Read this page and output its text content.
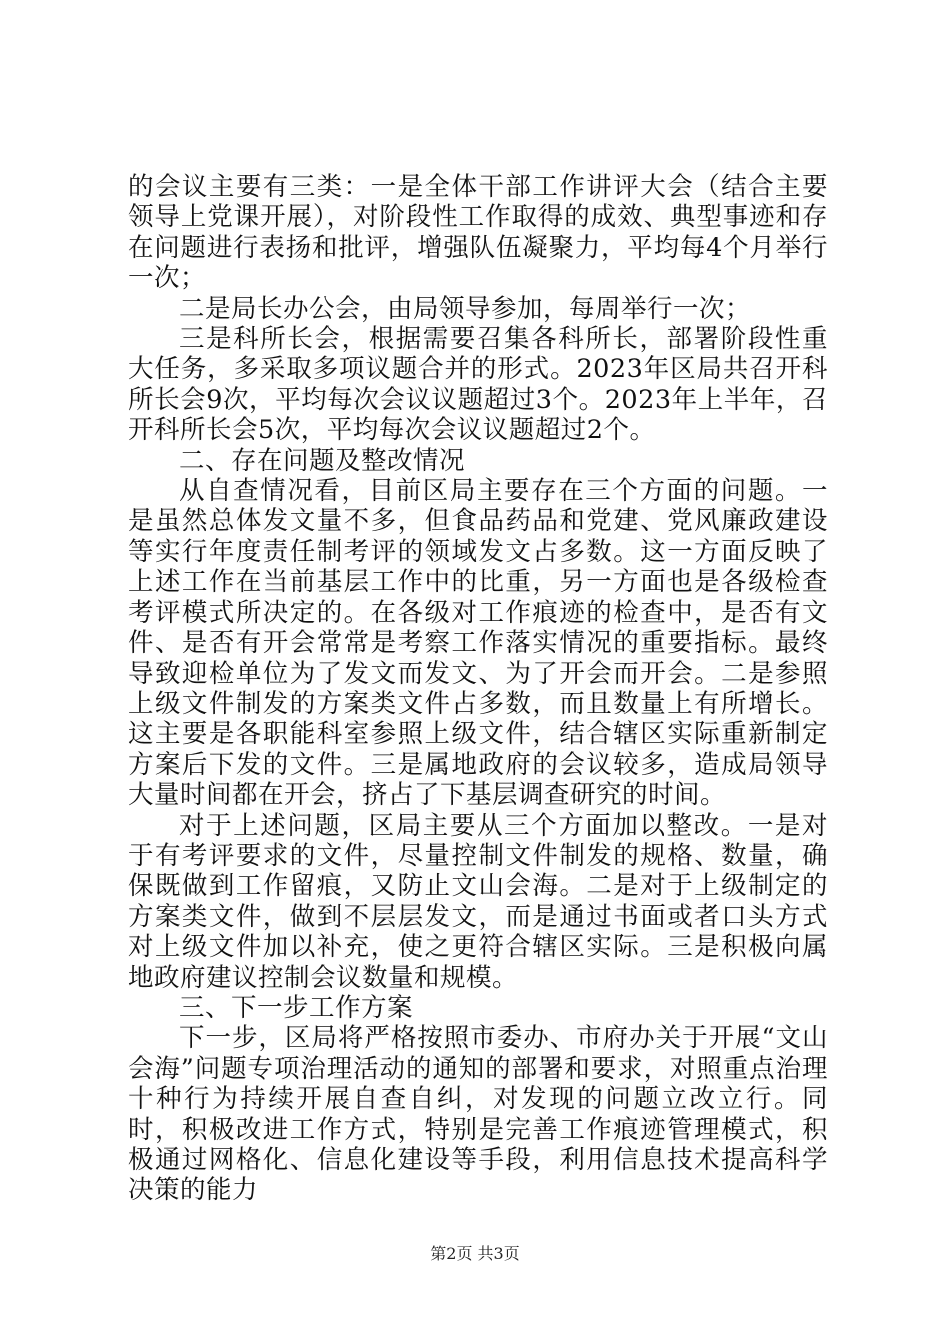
的会议主要有三类：一是全体干部工作讲评大会（结合主要领导上党课开展），对阶段性工作取得的成效、典型事迹和存在问题进行表扬和批评，增强队伍凝聚力，平均每4个月举行一次；

二是局长办公会，由局领导参加，每周举行一次；

三是科所长会，根据需要召集各科所长，部署阶段性重大任务，多采取多项议题合并的形式。2023年区局共召开科所长会9次，平均每次会议议题超过3个。2023年上半年，召开科所长会5次，平均每次会议议题超过2个。

二、存在问题及整改情况

从自查情况看，目前区局主要存在三个方面的问题。一是虽然总体发文量不多，但食品药品和党建、党风廉政建设等实行年度责任制考评的领域发文占多数。这一方面反映了上述工作在当前基层工作中的比重，另一方面也是各级检查考评模式所决定的。在各级对工作痕迹的检查中，是否有文件、是否有开会常常是考察工作落实情况的重要指标。最终导致迎检单位为了发文而发文、为了开会而开会。二是参照上级文件制发的方案类文件占多数，而且数量上有所增长。这主要是各职能科室参照上级文件，结合辖区实际重新制定方案后下发的文件。三是属地政府的会议较多，造成局领导大量时间都在开会，挤占了下基层调查研究的时间。

对于上述问题，区局主要从三个方面加以整改。一是对于有考评要求的文件，尽量控制文件制发的规格、数量，确保既做到工作留痕，又防止文山会海。二是对于上级制定的方案类文件，做到不层层发文，而是通过书面或者口头方式对上级文件加以补充，使之更符合辖区实际。三是积极向属地政府建议控制会议数量和规模。

三、下一步工作方案

下一步，区局将严格按照市委办、市府办关于开展“文山会海”问题专项治理活动的通知的部署和要求，对照重点治理十种行为持续开展自查自纠，对发现的问题立改立行。同时，积极改进工作方式，特别是完善工作痕迹管理模式，积极通过网格化、信息化建设等手段，利用信息技术提高科学决策的能力

第2页 共3页
